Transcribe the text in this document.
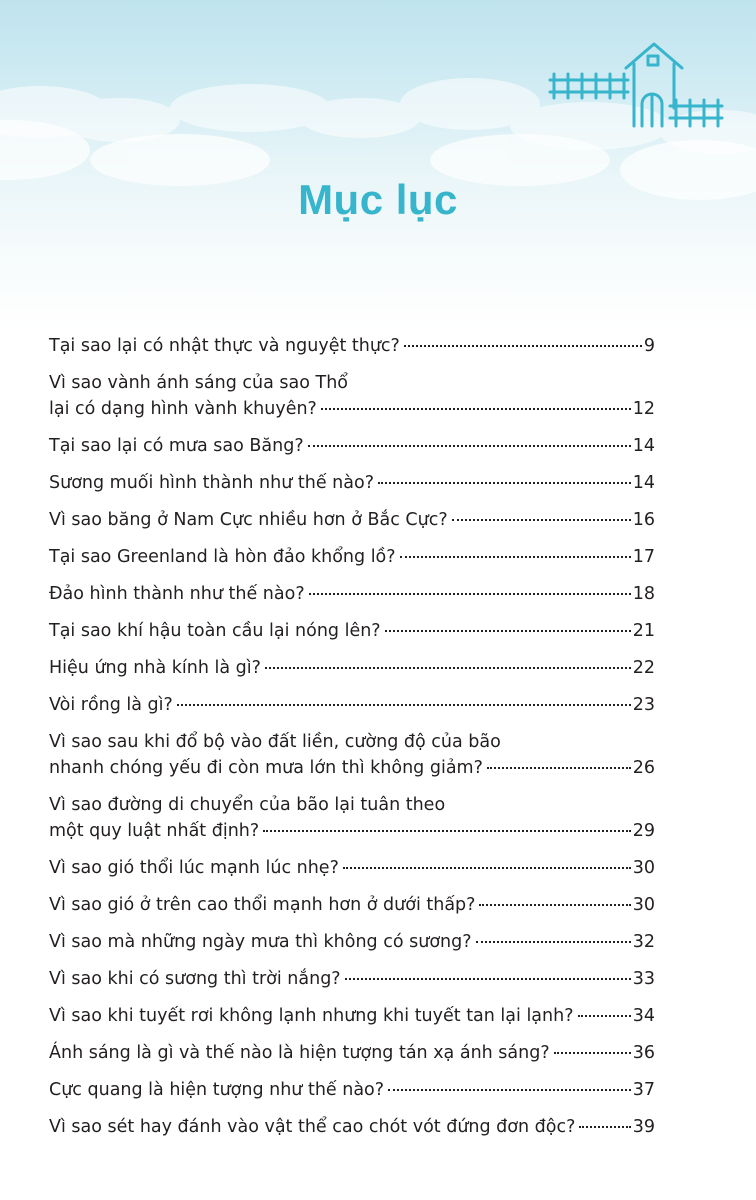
Mục lục
Tại sao lại có nhật thực và nguyệt thực?	9
Vì sao vành ánh sáng của sao Thổ
lại có dạng hình vành khuyên?	12
Tại sao lại có mưa sao Băng?	14
Sương muối hình thành như thế nào?	14
Vì sao băng ở Nam Cực nhiều hơn ở Bắc Cực?	16
Tại sao Greenland là hòn đảo khổng lồ?	17
Đảo hình thành như thế nào?	18
Tại sao khí hậu toàn cầu lại nóng lên?	21
Hiệu ứng nhà kính là gì?	22
Vòi rồng là gì?	23
Vì sao sau khi đổ bộ vào đất liền, cường độ của bão
nhanh chóng yếu đi còn mưa lớn thì không giảm?	26
Vì sao đường di chuyển của bão lại tuân theo
một quy luật nhất định?	29
Vì sao gió thổi lúc mạnh lúc nhẹ?	30
Vì sao gió ở trên cao thổi mạnh hơn ở dưới thấp?	30
Vì sao mà những ngày mưa thì không có sương?	32
Vì sao khi có sương thì trời nắng?	33
Vì sao khi tuyết rơi không lạnh nhưng khi tuyết tan lại lạnh?	34
Ánh sáng là gì và thế nào là hiện tượng tán xạ ánh sáng?	36
Cực quang là hiện tượng như thế nào?	37
Vì sao sét hay đánh vào vật thể cao chót vót đứng đơn độc?	39
